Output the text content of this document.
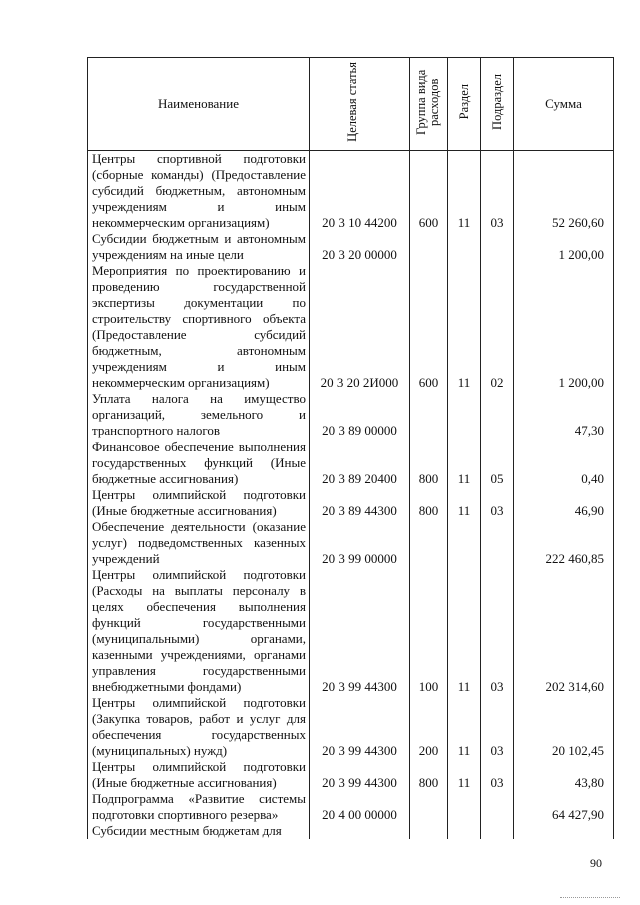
Наименование	Целевая статья	Группа вида расходов	Раздел	Подраздел	Сумма
Центры спортивной подготовки (сборные команды) (Предоставление субсидий бюджетным, автономным учреждениям и иным некоммерческим организациям)	20 3 10 44200	600	11	03	52 260,60
Субсидии бюджетным и автономным учреждениям на иные цели	20 3 20 00000				1 200,00
Мероприятия по проектированию и проведению государственной экспертизы документации по строительству спортивного объекта (Предоставление субсидий бюджетным, автономным учреждениям и иным некоммерческим организациям)	20 3 20 2И000	600	11	02	1 200,00
Уплата налога на имущество организаций, земельного и транспортного налогов	20 3 89 00000				47,30
Финансовое обеспечение выполнения государственных функций (Иные бюджетные ассигнования)	20 3 89 20400	800	11	05	0,40
Центры олимпийской подготовки (Иные бюджетные ассигнования)	20 3 89 44300	800	11	03	46,90
Обеспечение деятельности (оказание услуг) подведомственных казенных учреждений	20 3 99 00000				222 460,85
Центры олимпийской подготовки (Расходы на выплаты персоналу в целях обеспечения выполнения функций государственными (муниципальными) органами, казенными учреждениями, органами управления государственными внебюджетными фондами)	20 3 99 44300	100	11	03	202 314,60
Центры олимпийской подготовки (Закупка товаров, работ и услуг для обеспечения государственных (муниципальных) нужд)	20 3 99 44300	200	11	03	20 102,45
Центры олимпийской подготовки (Иные бюджетные ассигнования)	20 3 99 44300	800	11	03	43,80
Подпрограмма «Развитие системы подготовки спортивного резерва»	20 4 00 00000				64 427,90
Субсидии местным бюджетам для					
90
